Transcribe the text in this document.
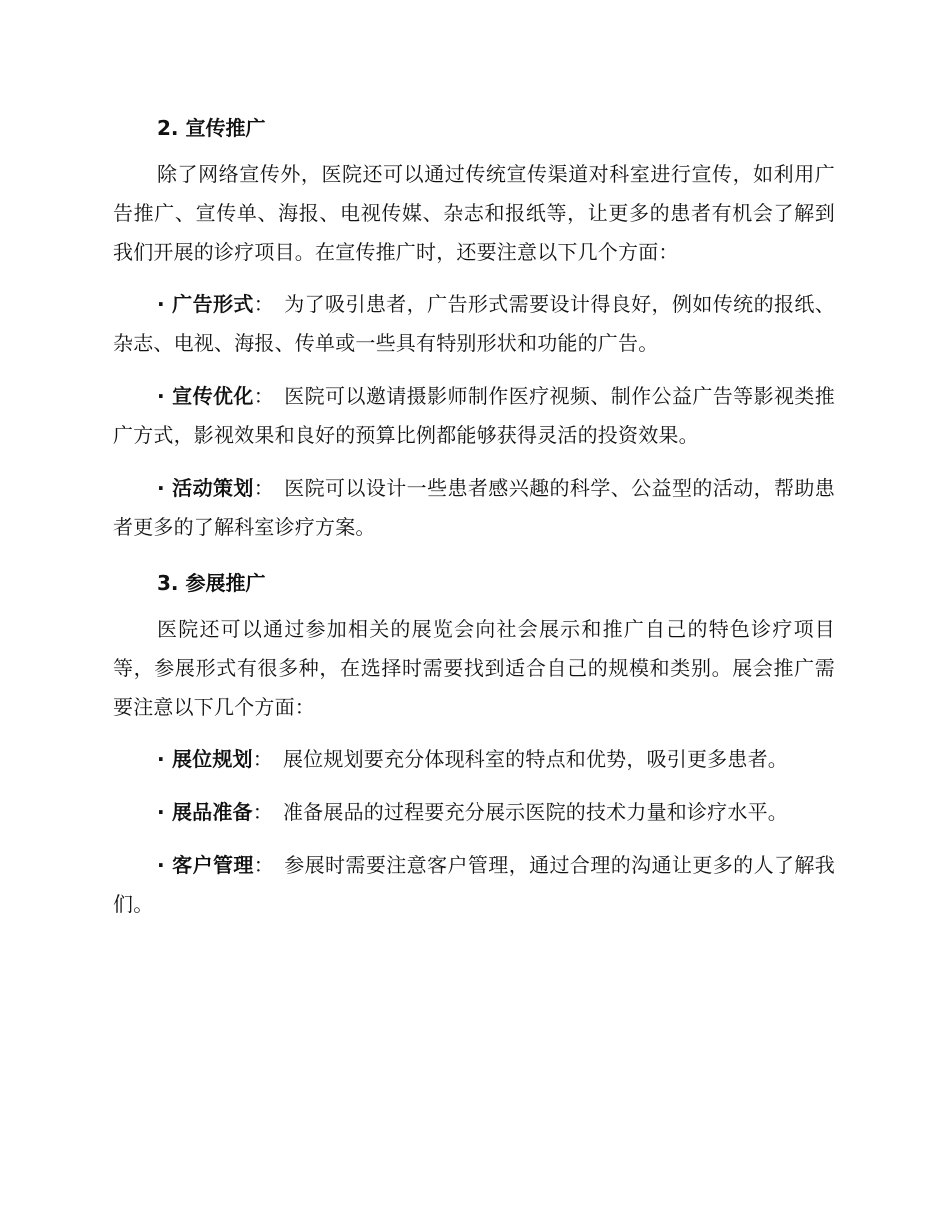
2. 宣传推广

除了网络宣传外，医院还可以通过传统宣传渠道对科室进行宣传，如利用广告推广、宣传单、海报、电视传媒、杂志和报纸等，让更多的患者有机会了解到我们开展的诊疗项目。在宣传推广时，还要注意以下几个方面：

· 广告形式： 为了吸引患者，广告形式需要设计得良好，例如传统的报纸、杂志、电视、海报、传单或一些具有特别形状和功能的广告。

· 宣传优化： 医院可以邀请摄影师制作医疗视频、制作公益广告等影视类推广方式，影视效果和良好的预算比例都能够获得灵活的投资效果。

· 活动策划： 医院可以设计一些患者感兴趣的科学、公益型的活动，帮助患者更多的了解科室诊疗方案。

3. 参展推广

医院还可以通过参加相关的展览会向社会展示和推广自己的特色诊疗项目等，参展形式有很多种，在选择时需要找到适合自己的规模和类别。展会推广需要注意以下几个方面：

· 展位规划： 展位规划要充分体现科室的特点和优势，吸引更多患者。

· 展品准备： 准备展品的过程要充分展示医院的技术力量和诊疗水平。

· 客户管理： 参展时需要注意客户管理，通过合理的沟通让更多的人了解我们。
